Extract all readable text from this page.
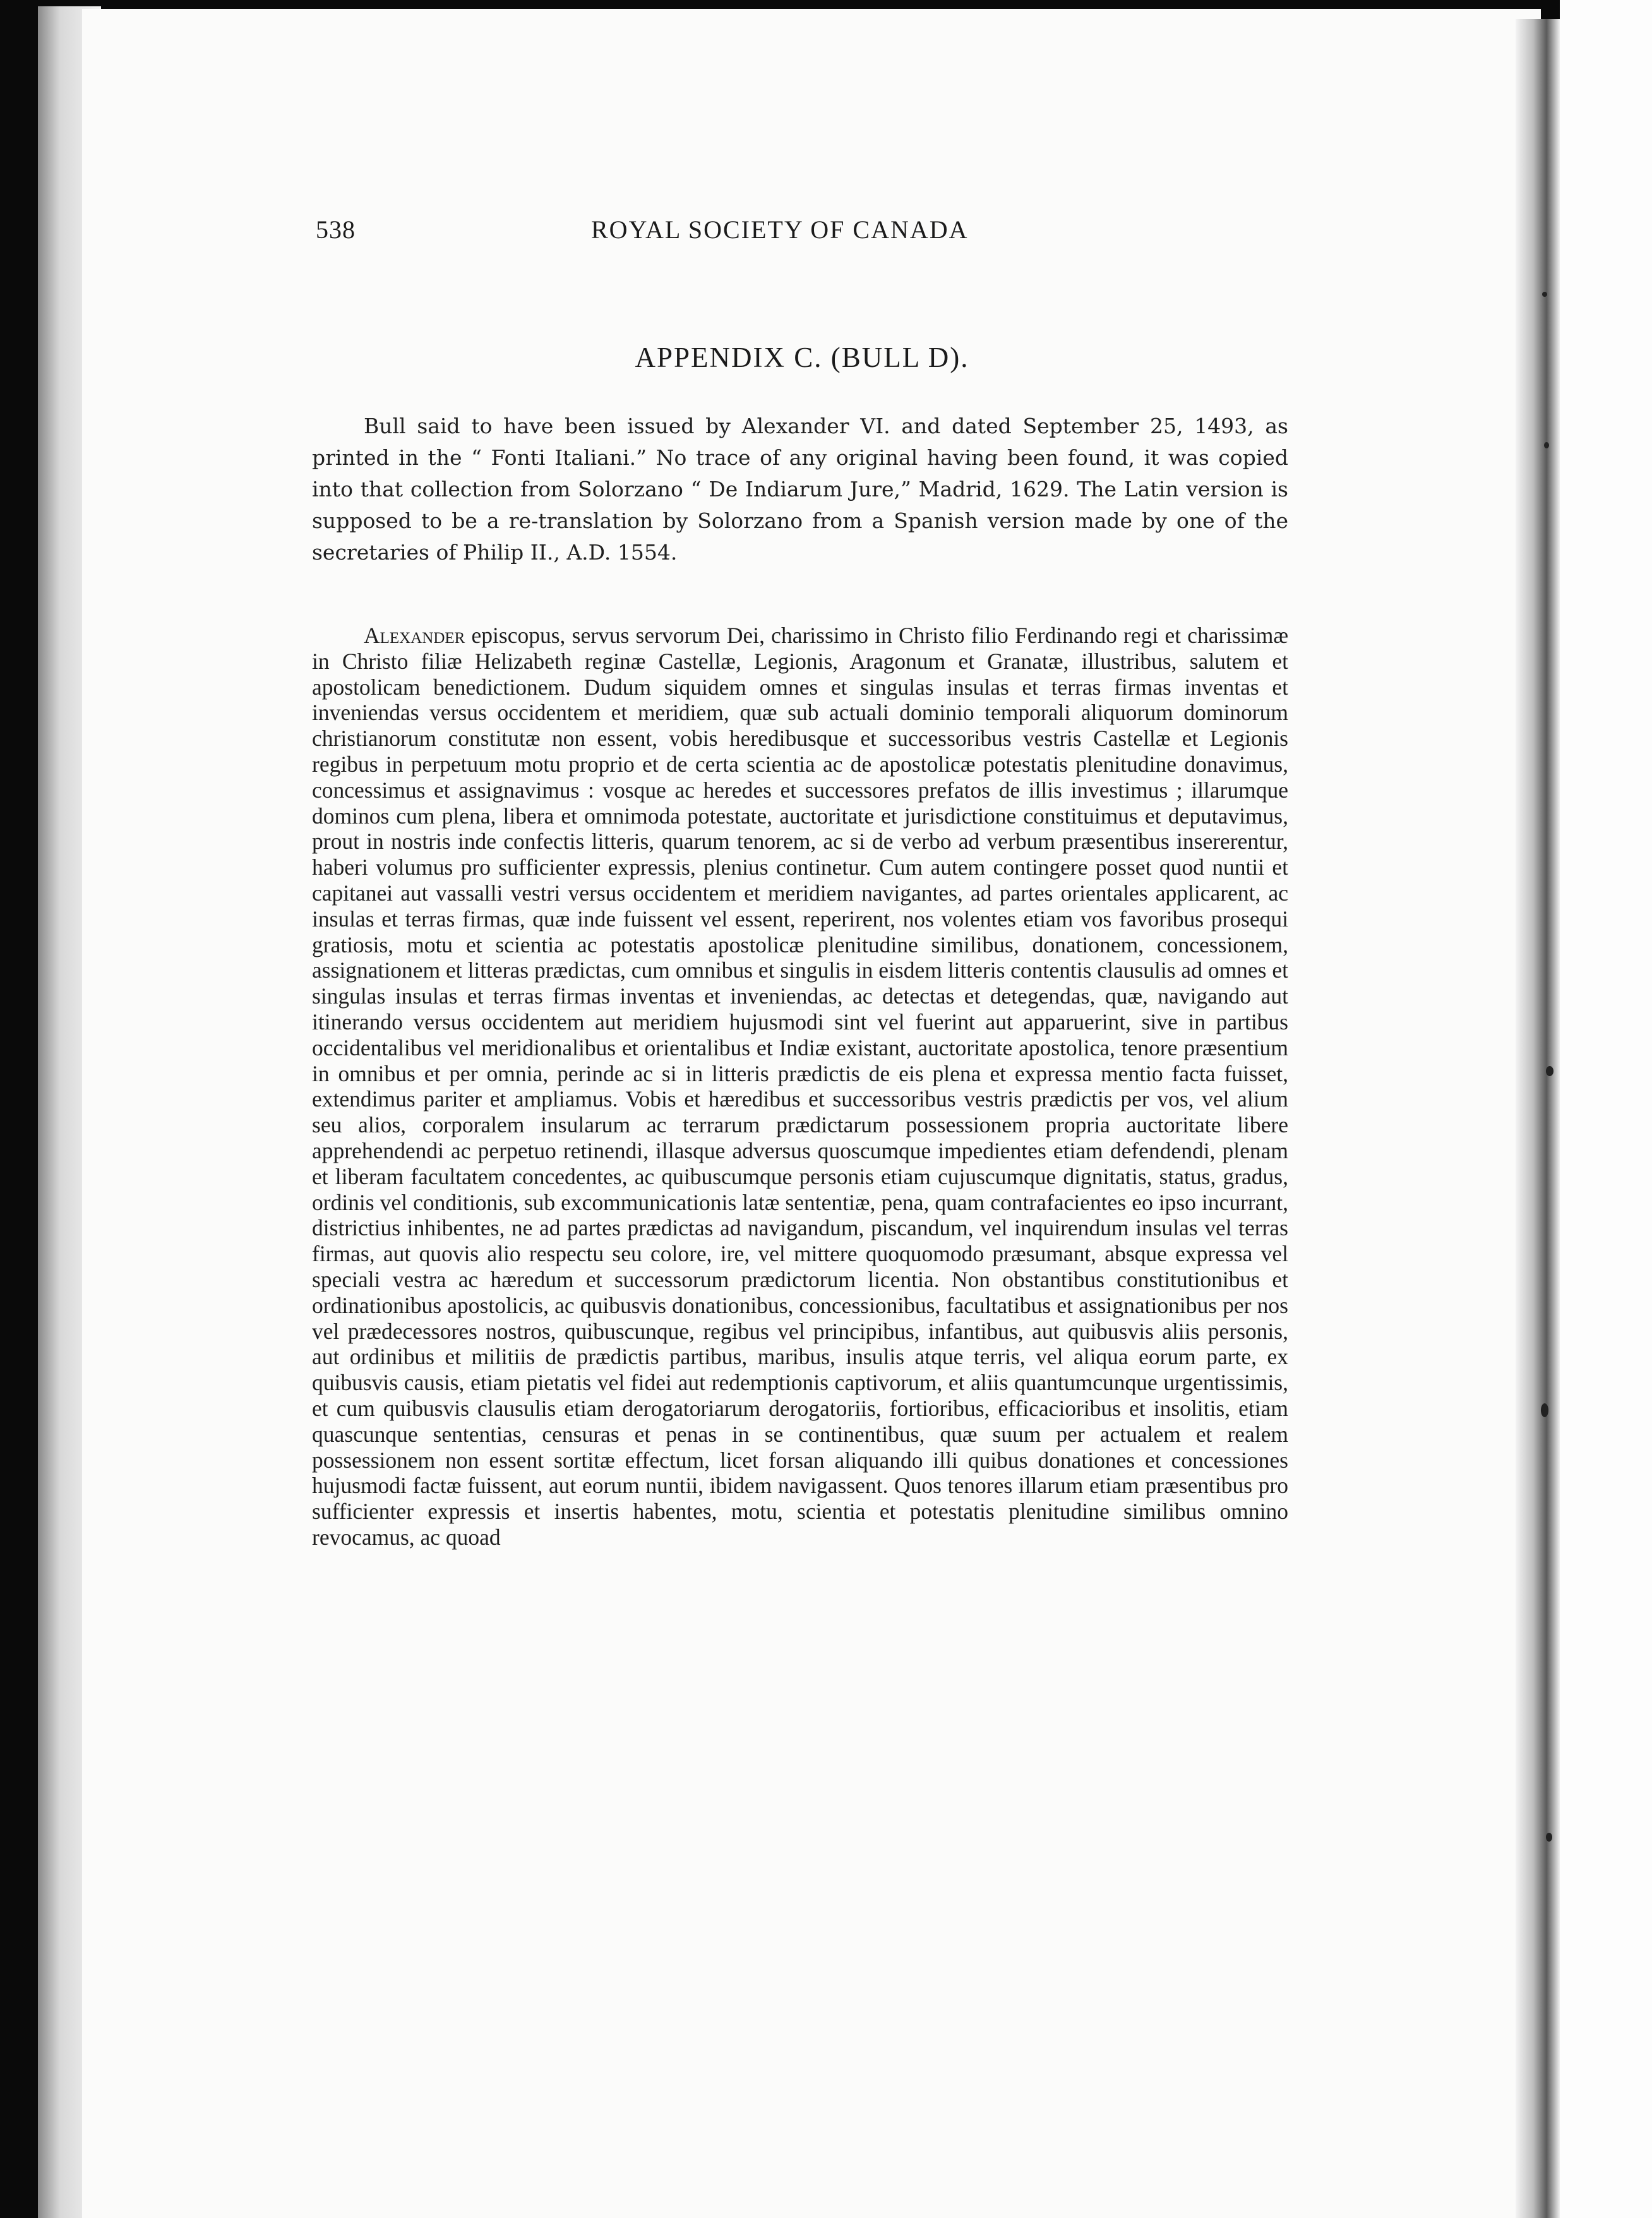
538	ROYAL SOCIETY OF CANADA
APPENDIX C. (BULL D).

Bull said to have been issued by Alexander VI. and dated September 25, 1493, as printed in the “ Fonti Italiani.” No trace of any original having been found, it was copied into that collection from Solorzano “ De Indiarum Jure,” Madrid, 1629. The Latin version is supposed to be a re-translation by Solorzano from a Spanish version made by one of the secretaries of Philip II., A.D. 1554.

Alexander episcopus, servus servorum Dei, charissimo in Christo filio Ferdinando regi et charissimæ in Christo filiæ Helizabeth reginæ Castellæ, Legionis, Aragonum et Granatæ, illustribus, salutem et apostolicam benedictionem. Dudum siquidem omnes et singulas insulas et terras firmas inventas et inveniendas versus occidentem et meridiem, quæ sub actuali dominio temporali aliquorum dominorum christianorum constitutæ non essent, vobis heredibusque et successoribus vestris Castellæ et Legionis regibus in perpetuum motu proprio et de certa scientia ac de apostolicæ potestatis plenitudine donavimus, concessimus et assignavimus : vosque ac heredes et successores prefatos de illis investimus ; illarumque dominos cum plena, libera et omnimoda potestate, auctoritate et jurisdictione constituimus et deputavimus, prout in nostris inde confectis litteris, quarum tenorem, ac si de verbo ad verbum præsentibus insererentur, haberi volumus pro sufficienter expressis, plenius continetur. Cum autem contingere posset quod nuntii et capitanei aut vassalli vestri versus occidentem et meridiem navigantes, ad partes orientales applicarent, ac insulas et terras firmas, quæ inde fuissent vel essent, reperirent, nos volentes etiam vos favoribus prosequi gratiosis, motu et scientia ac potestatis apostolicæ plenitudine similibus, donationem, concessionem, assignationem et litteras prædictas, cum omnibus et singulis in eisdem litteris contentis clausulis ad omnes et singulas insulas et terras firmas inventas et inveniendas, ac detectas et detegendas, quæ, navigando aut itinerando versus occidentem aut meridiem hujusmodi sint vel fuerint aut apparuerint, sive in partibus occidentalibus vel meridionalibus et orientalibus et Indiæ existant, auctoritate apostolica, tenore præsentium in omnibus et per omnia, perinde ac si in litteris prædictis de eis plena et expressa mentio facta fuisset, extendimus pariter et ampliamus. Vobis et hæredibus et successoribus vestris prædictis per vos, vel alium seu alios, corporalem insularum ac terrarum prædictarum possessionem propria auctoritate libere apprehendendi ac perpetuo retinendi, illasque adversus quoscumque impedientes etiam defendendi, plenam et liberam facultatem concedentes, ac quibuscumque personis etiam cujuscumque dignitatis, status, gradus, ordinis vel conditionis, sub excommunicationis latæ sententiæ, pena, quam contrafacientes eo ipso incurrant, districtius inhibentes, ne ad partes prædictas ad navigandum, piscandum, vel inquirendum insulas vel terras firmas, aut quovis alio respectu seu colore, ire, vel mittere quoquomodo præsumant, absque expressa vel speciali vestra ac hæredum et successorum prædictorum licentia. Non obstantibus constitutionibus et ordinationibus apostolicis, ac quibusvis donationibus, concessionibus, facultatibus et assignationibus per nos vel prædecessores nostros, quibuscunque, regibus vel principibus, infantibus, aut quibusvis aliis personis, aut ordinibus et militiis de prædictis partibus, maribus, insulis atque terris, vel aliqua eorum parte, ex quibusvis causis, etiam pietatis vel fidei aut redemptionis captivorum, et aliis quantumcunque urgentissimis, et cum quibusvis clausulis etiam derogatoriarum derogatoriis, fortioribus, efficacioribus et insolitis, etiam quascunque sententias, censuras et penas in se continentibus, quæ suum per actualem et realem possessionem non essent sortitæ effectum, licet forsan aliquando illi quibus donationes et concessiones hujusmodi factæ fuissent, aut eorum nuntii, ibidem navigassent. Quos tenores illarum etiam præsentibus pro sufficienter expressis et insertis habentes, motu, scientia et potestatis plenitudine similibus omnino revocamus, ac quoad
